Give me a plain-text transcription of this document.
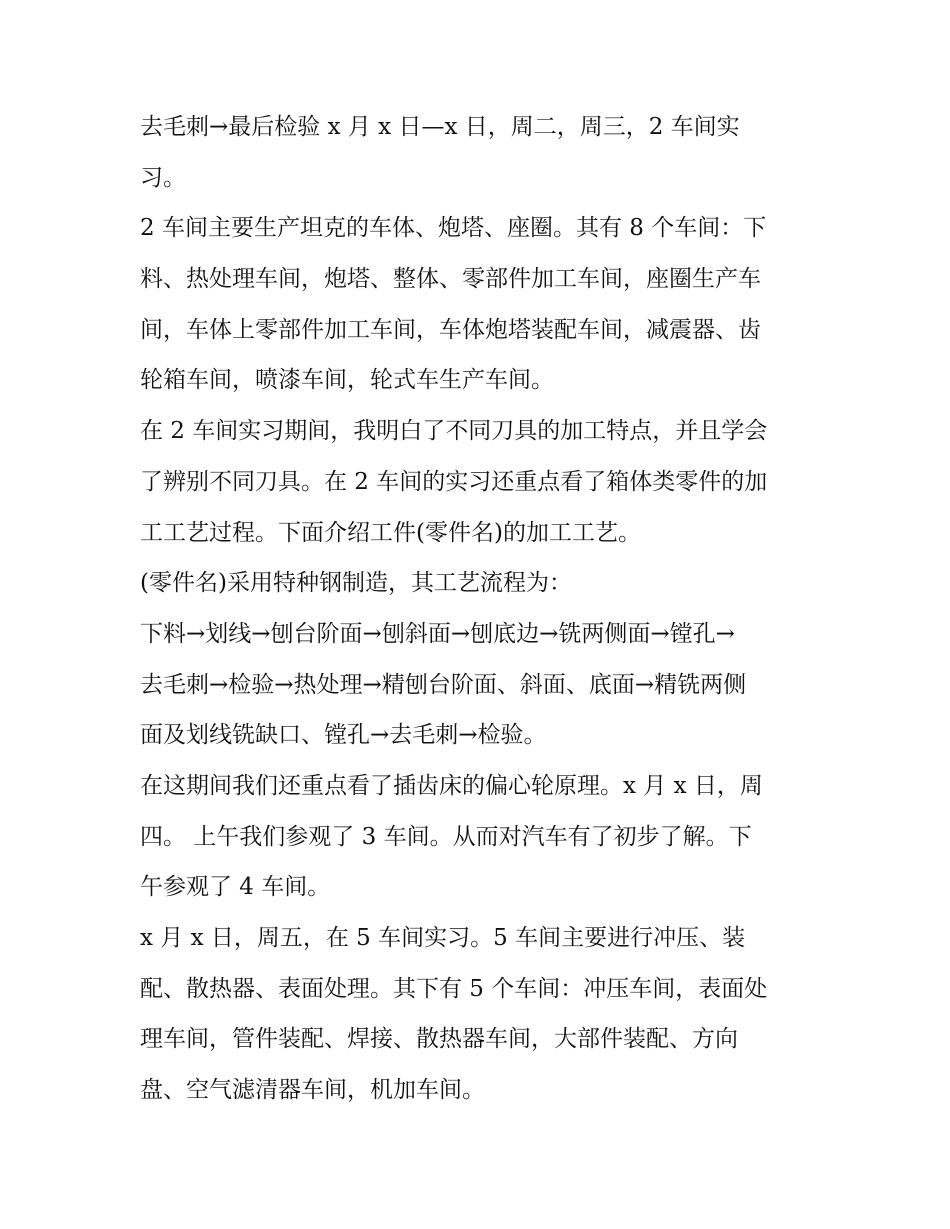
去毛刺→最后检验 x 月 x 日—x 日，周二，周三，2 车间实
习。
2 车间主要生产坦克的车体、炮塔、座圈。其有 8 个车间：下
料、热处理车间，炮塔、整体、零部件加工车间，座圈生产车
间，车体上零部件加工车间，车体炮塔装配车间，减震器、齿
轮箱车间，喷漆车间，轮式车生产车间。
在 2 车间实习期间，我明白了不同刀具的加工特点，并且学会
了辨别不同刀具。在 2 车间的实习还重点看了箱体类零件的加
工工艺过程。下面介绍工件(零件名)的加工工艺。
(零件名)采用特种钢制造，其工艺流程为：
下料→划线→刨台阶面→刨斜面→刨底边→铣两侧面→镗孔→
去毛刺→检验→热处理→精刨台阶面、斜面、底面→精铣两侧
面及划线铣缺口、镗孔→去毛刺→检验。
在这期间我们还重点看了插齿床的偏心轮原理。x 月 x 日，周
四。 上午我们参观了 3 车间。从而对汽车有了初步了解。下
午参观了 4 车间。
x 月 x 日，周五，在 5 车间实习。5 车间主要进行冲压、装
配、散热器、表面处理。其下有 5 个车间：冲压车间，表面处
理车间，管件装配、焊接、散热器车间，大部件装配、方向
盘、空气滤清器车间，机加车间。
